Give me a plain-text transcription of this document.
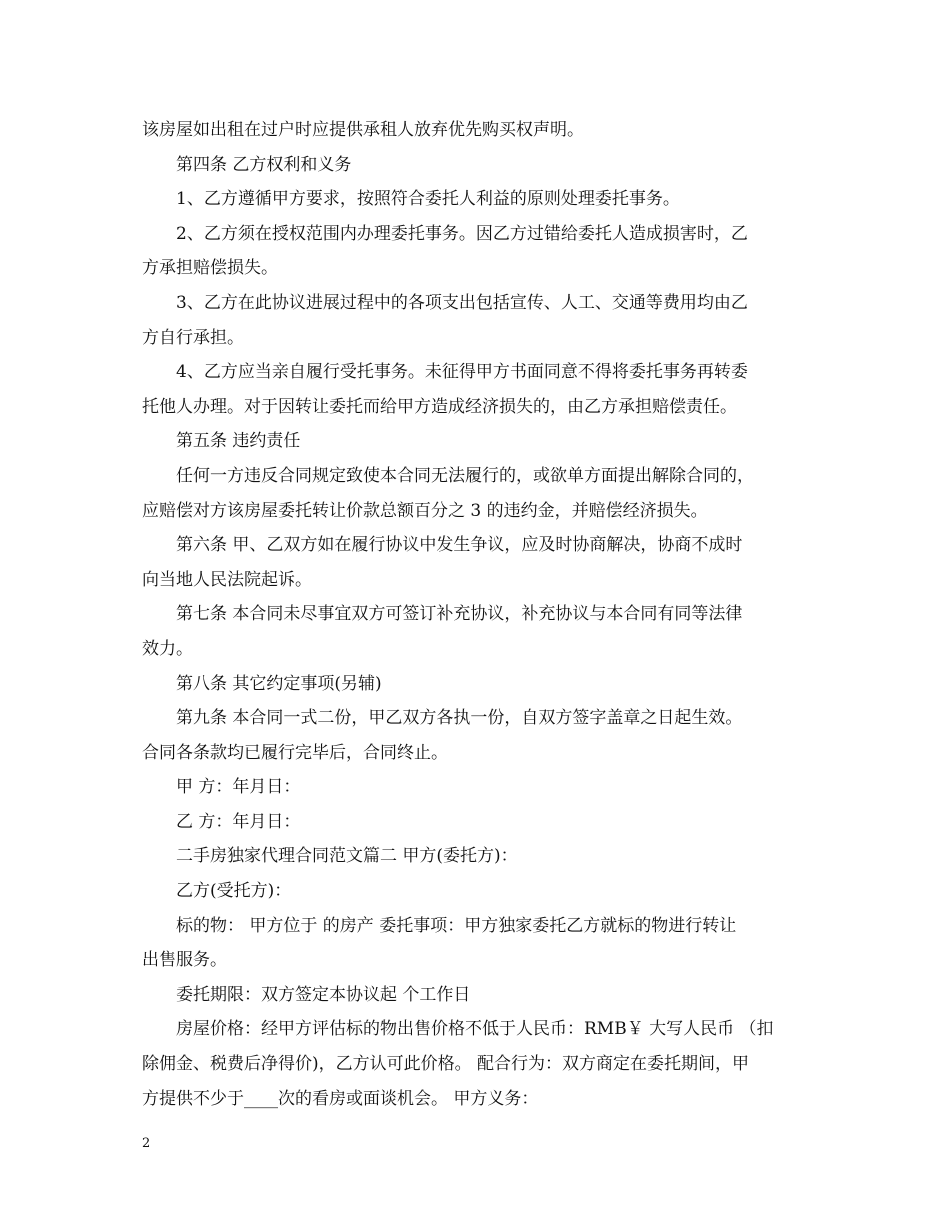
该房屋如出租在过户时应提供承租人放弃优先购买权声明。

第四条 乙方权利和义务

1、乙方遵循甲方要求，按照符合委托人利益的原则处理委托事务。

2、乙方须在授权范围内办理委托事务。因乙方过错给委托人造成损害时，乙

方承担赔偿损失。

3、乙方在此协议进展过程中的各项支出包括宣传、人工、交通等费用均由乙

方自行承担。

4、乙方应当亲自履行受托事务。未征得甲方书面同意不得将委托事务再转委

托他人办理。对于因转让委托而给甲方造成经济损失的，由乙方承担赔偿责任。

第五条 违约责任

任何一方违反合同规定致使本合同无法履行的，或欲单方面提出解除合同的，

应赔偿对方该房屋委托转让价款总额百分之 3 的违约金，并赔偿经济损失。

第六条 甲、乙双方如在履行协议中发生争议，应及时协商解决，协商不成时

向当地人民法院起诉。

第七条 本合同未尽事宜双方可签订补充协议，补充协议与本合同有同等法律

效力。

第八条 其它约定事项(另辅)

第九条 本合同一式二份，甲乙双方各执一份，自双方签字盖章之日起生效。

合同各条款均已履行完毕后，合同终止。

甲 方：年月日：

乙 方：年月日：

二手房独家代理合同范文篇二 甲方(委托方)：

乙方(受托方)：

标的物： 甲方位于 的房产 委托事项：甲方独家委托乙方就标的物进行转让

出售服务。

委托期限：双方签定本协议起 个工作日

房屋价格：经甲方评估标的物出售价格不低于人民币：RMB￥ 大写人民币 （扣

除佣金、税费后净得价)，乙方认可此价格。 配合行为：双方商定在委托期间，甲

方提供不少于____次的看房或面谈机会。 甲方义务：

2
